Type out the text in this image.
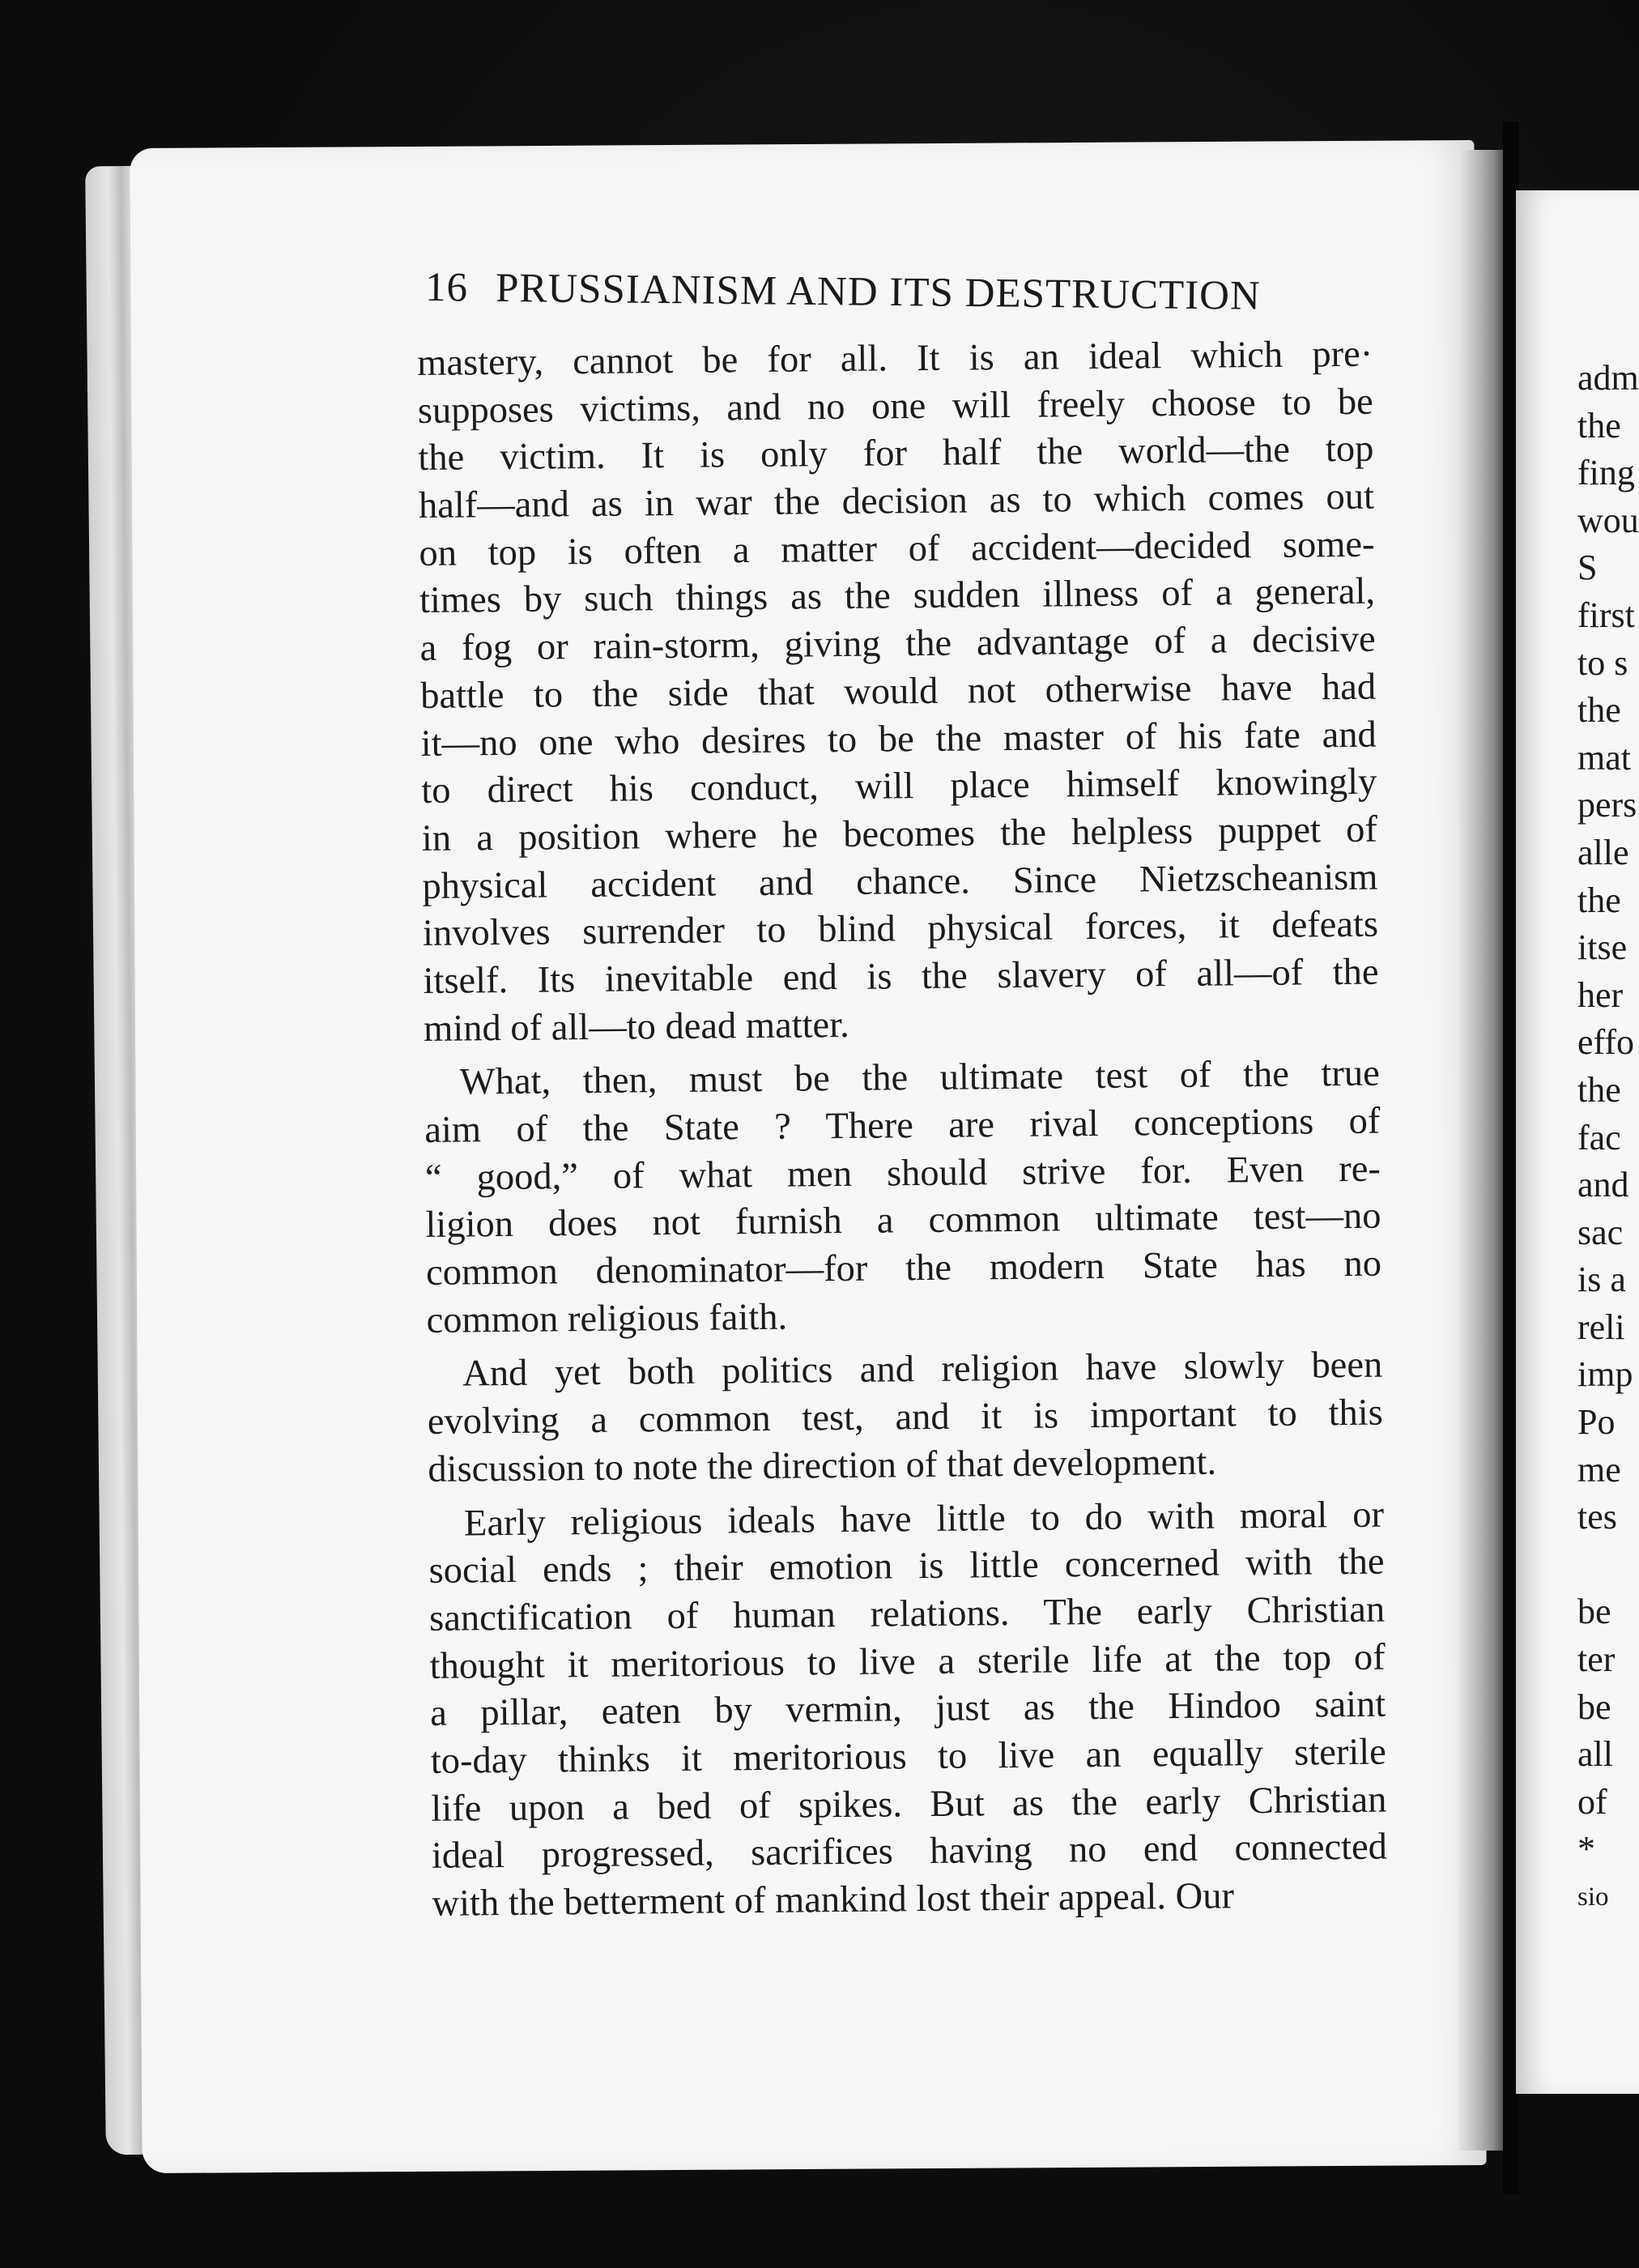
16 PRUSSIANISM AND ITS DESTRUCTION
mastery, cannot be for all. It is an ideal which pre·
supposes victims, and no one will freely choose to be
the victim. It is only for half the world—the top
half—and as in war the decision as to which comes out
on top is often a matter of accident—decided some-
times by such things as the sudden illness of a general,
a fog or rain-storm, giving the advantage of a decisive
battle to the side that would not otherwise have had
it—no one who desires to be the master of his fate and
to direct his conduct, will place himself knowingly
in a position where he becomes the helpless puppet of
physical accident and chance. Since Nietzscheanism
involves surrender to blind physical forces, it defeats
itself. Its inevitable end is the slavery of all—of the
mind of all—to dead matter.
What, then, must be the ultimate test of the true
aim of the State ? There are rival conceptions of
“ good,” of what men should strive for. Even re-
ligion does not furnish a common ultimate test—no
common denominator—for the modern State has no
common religious faith.
And yet both politics and religion have slowly been
evolving a common test, and it is important to this
discussion to note the direction of that development.
Early religious ideals have little to do with moral or
social ends ; their emotion is little concerned with the
sanctification of human relations. The early Christian
thought it meritorious to live a sterile life at the top of
a pillar, eaten by vermin, just as the Hindoo saint
to-day thinks it meritorious to live an equally sterile
life upon a bed of spikes. But as the early Christian
ideal progressed, sacrifices having no end connected
with the betterment of mankind lost their appeal. Our
adm
the
fing
wou
S
first
to s
the
mat
pers
alle
the
itse
her
effo
the
fac
and
sac
is a
reli
imp
Po
me
tes
be
ter
be
all
of
*
sio
